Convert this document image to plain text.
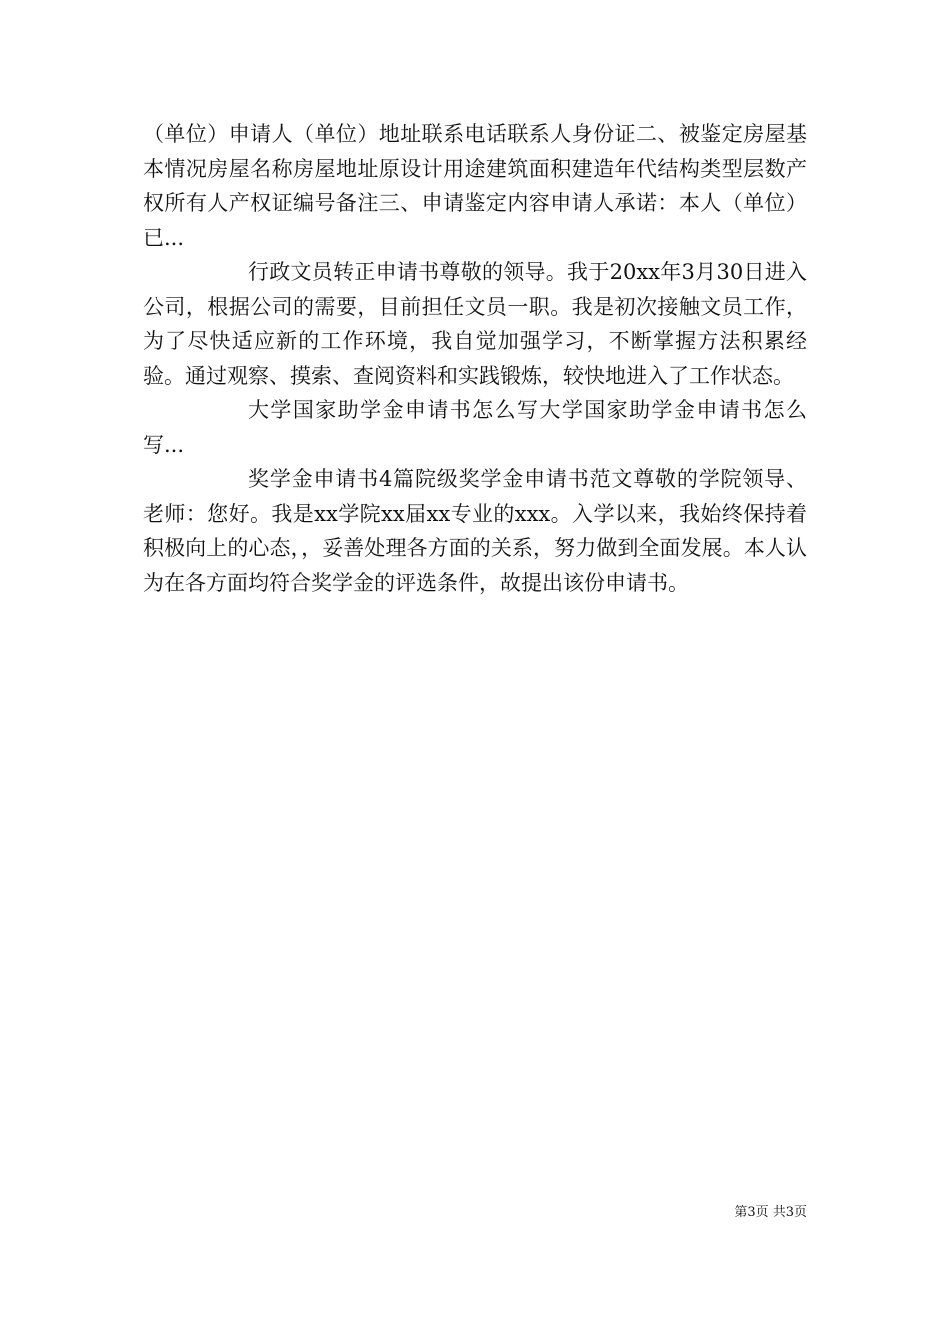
（单位）申请人（单位）地址联系电话联系人身份证二、被鉴定房屋基本情况房屋名称房屋地址原设计用途建筑面积建造年代结构类型层数产权所有人产权证编号备注三、申请鉴定内容申请人承诺：本人（单位）已...

行政文员转正申请书尊敬的领导。我于20xx年3月30日进入公司，根据公司的需要，目前担任文员一职。我是初次接触文员工作，为了尽快适应新的工作环境，我自觉加强学习，不断掌握方法积累经验。通过观察、摸索、查阅资料和实践锻炼，较快地进入了工作状态。

大学国家助学金申请书怎么写大学国家助学金申请书怎么写...

奖学金申请书4篇院级奖学金申请书范文尊敬的学院领导、老师：您好。我是xx学院xx届xx专业的xxx。入学以来，我始终保持着积极向上的心态，，妥善处理各方面的关系，努力做到全面发展。本人认为在各方面均符合奖学金的评选条件，故提出该份申请书。

第3页 共3页
